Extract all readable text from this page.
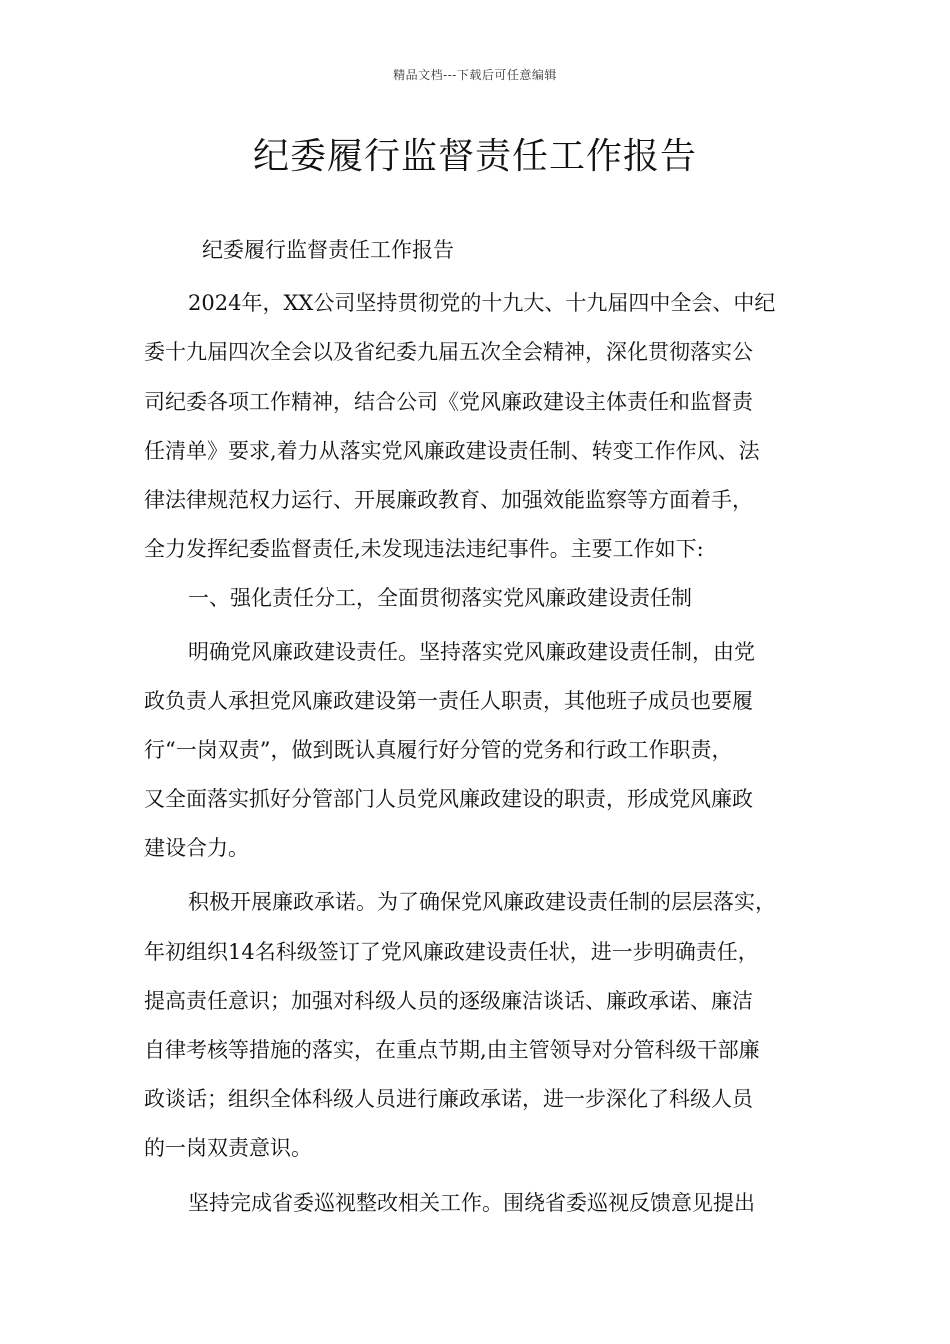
精品文档---下载后可任意编辑
纪委履行监督责任工作报告
纪委履行监督责任工作报告
2024年，XX公司坚持贯彻党的十九大、十九届四中全会、中纪
委十九届四次全会以及省纪委九届五次全会精神，深化贯彻落实公
司纪委各项工作精神，结合公司《党风廉政建设主体责任和监督责
任清单》要求,着力从落实党风廉政建设责任制、转变工作作风、法
律法律规范权力运行、开展廉政教育、加强效能监察等方面着手，
全力发挥纪委监督责任,未发现违法违纪事件。主要工作如下:
一、强化责任分工，全面贯彻落实党风廉政建设责任制
明确党风廉政建设责任。坚持落实党风廉政建设责任制，由党
政负责人承担党风廉政建设第一责任人职责，其他班子成员也要履
行“一岗双责”，做到既认真履行好分管的党务和行政工作职责，
又全面落实抓好分管部门人员党风廉政建设的职责，形成党风廉政
建设合力。
积极开展廉政承诺。为了确保党风廉政建设责任制的层层落实，
年初组织14名科级签订了党风廉政建设责任状，进一步明确责任，
提高责任意识；加强对科级人员的逐级廉洁谈话、廉政承诺、廉洁
自律考核等措施的落实，在重点节期,由主管领导对分管科级干部廉
政谈话；组织全体科级人员进行廉政承诺，进一步深化了科级人员
的一岗双责意识。
坚持完成省委巡视整改相关工作。围绕省委巡视反馈意见提出
